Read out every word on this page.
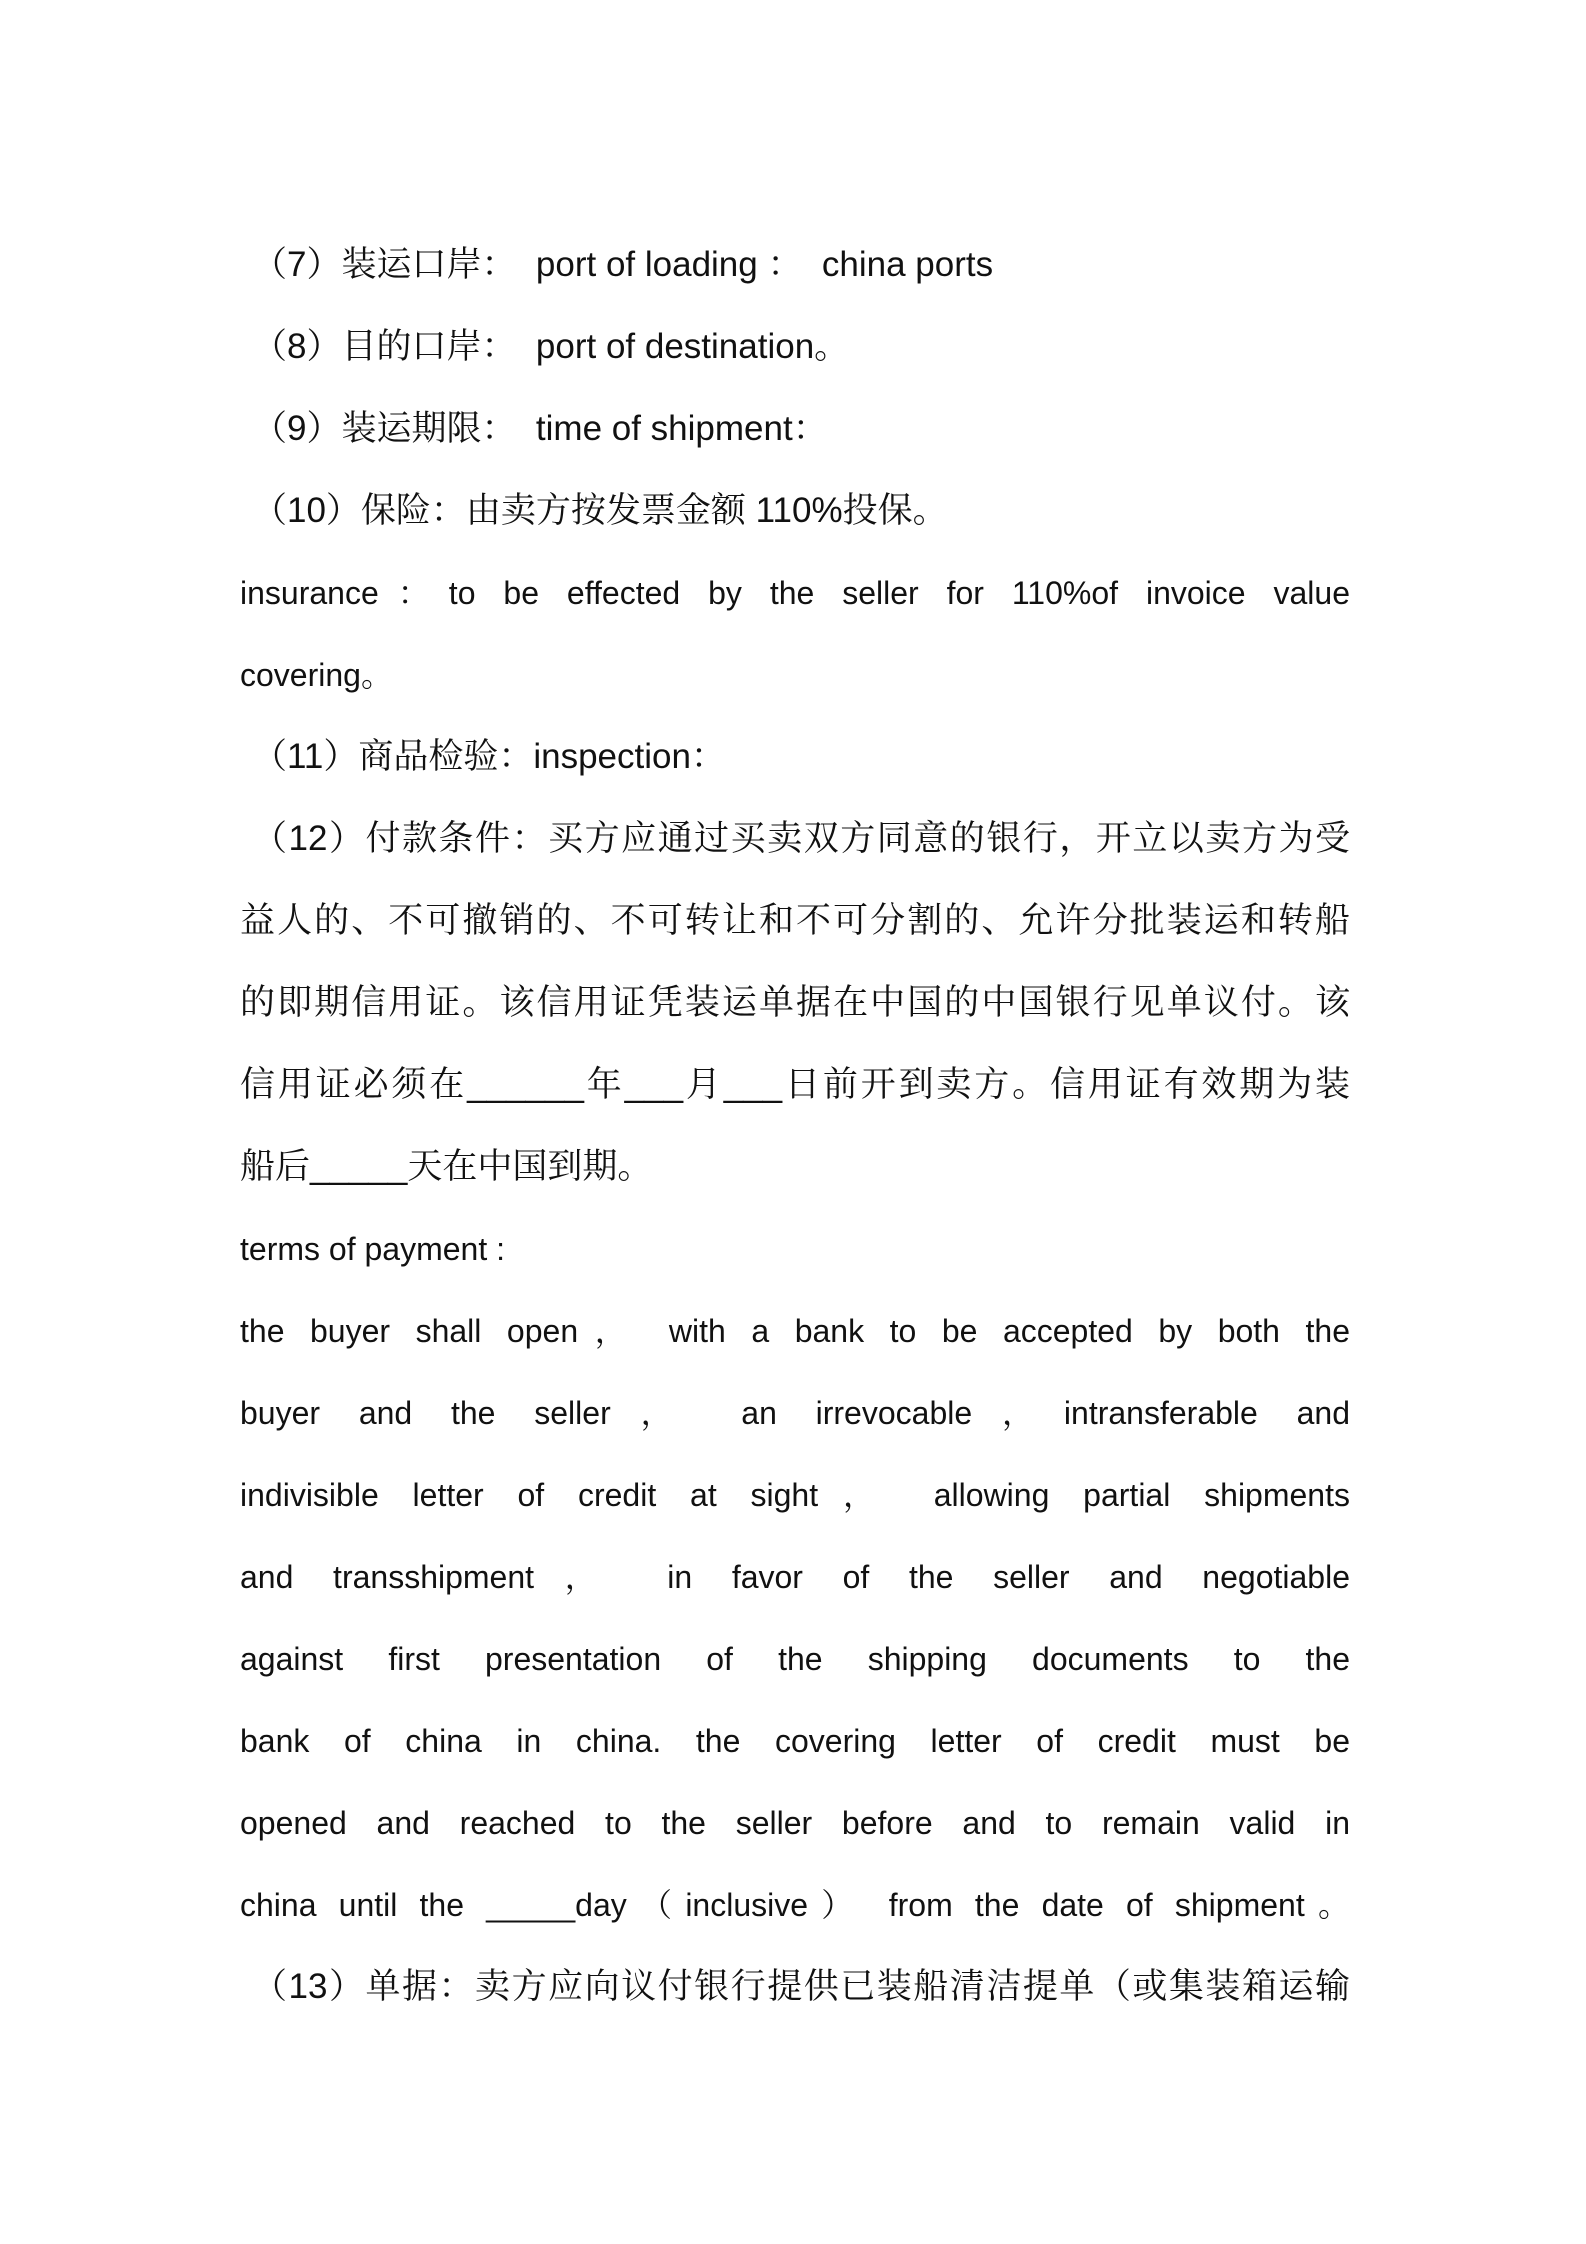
（7）装运口岸：  port of loading ：  china ports

（8）目的口岸：  port of destination。

（9）装运期限：  time of shipment：

（10）保险：由卖方按发票金额 110%投保。

insurance：to be effected by the seller for 110%of invoice value

covering。

（11）商品检验：inspection：

（12）付款条件：买方应通过买卖双方同意的银行，开立以卖方为受

益人的、不可撤销的、不可转让和不可分割的、允许分批装运和转船

的即期信用证。该信用证凭装运单据在中国的中国银行见单议付。该

信用证必须在______年___月___日前开到卖方。信用证有效期为装

船后_____天在中国到期。

terms of payment :

the buyer shall open， with a bank to be accepted by both the

buyer and the seller， an irrevocable，intransferable and

indivisible letter of credit at sight， allowing partial shipments

and transshipment， in favor of the seller and negotiable

against first presentation of the shipping documents to the

bank of china in china. the covering letter of credit must be

opened and reached to the seller before and to remain valid in

china until the _____day（inclusive） from the date of shipment。

（13）单据：卖方应向议付银行提供已装船清洁提单（或集装箱运输
